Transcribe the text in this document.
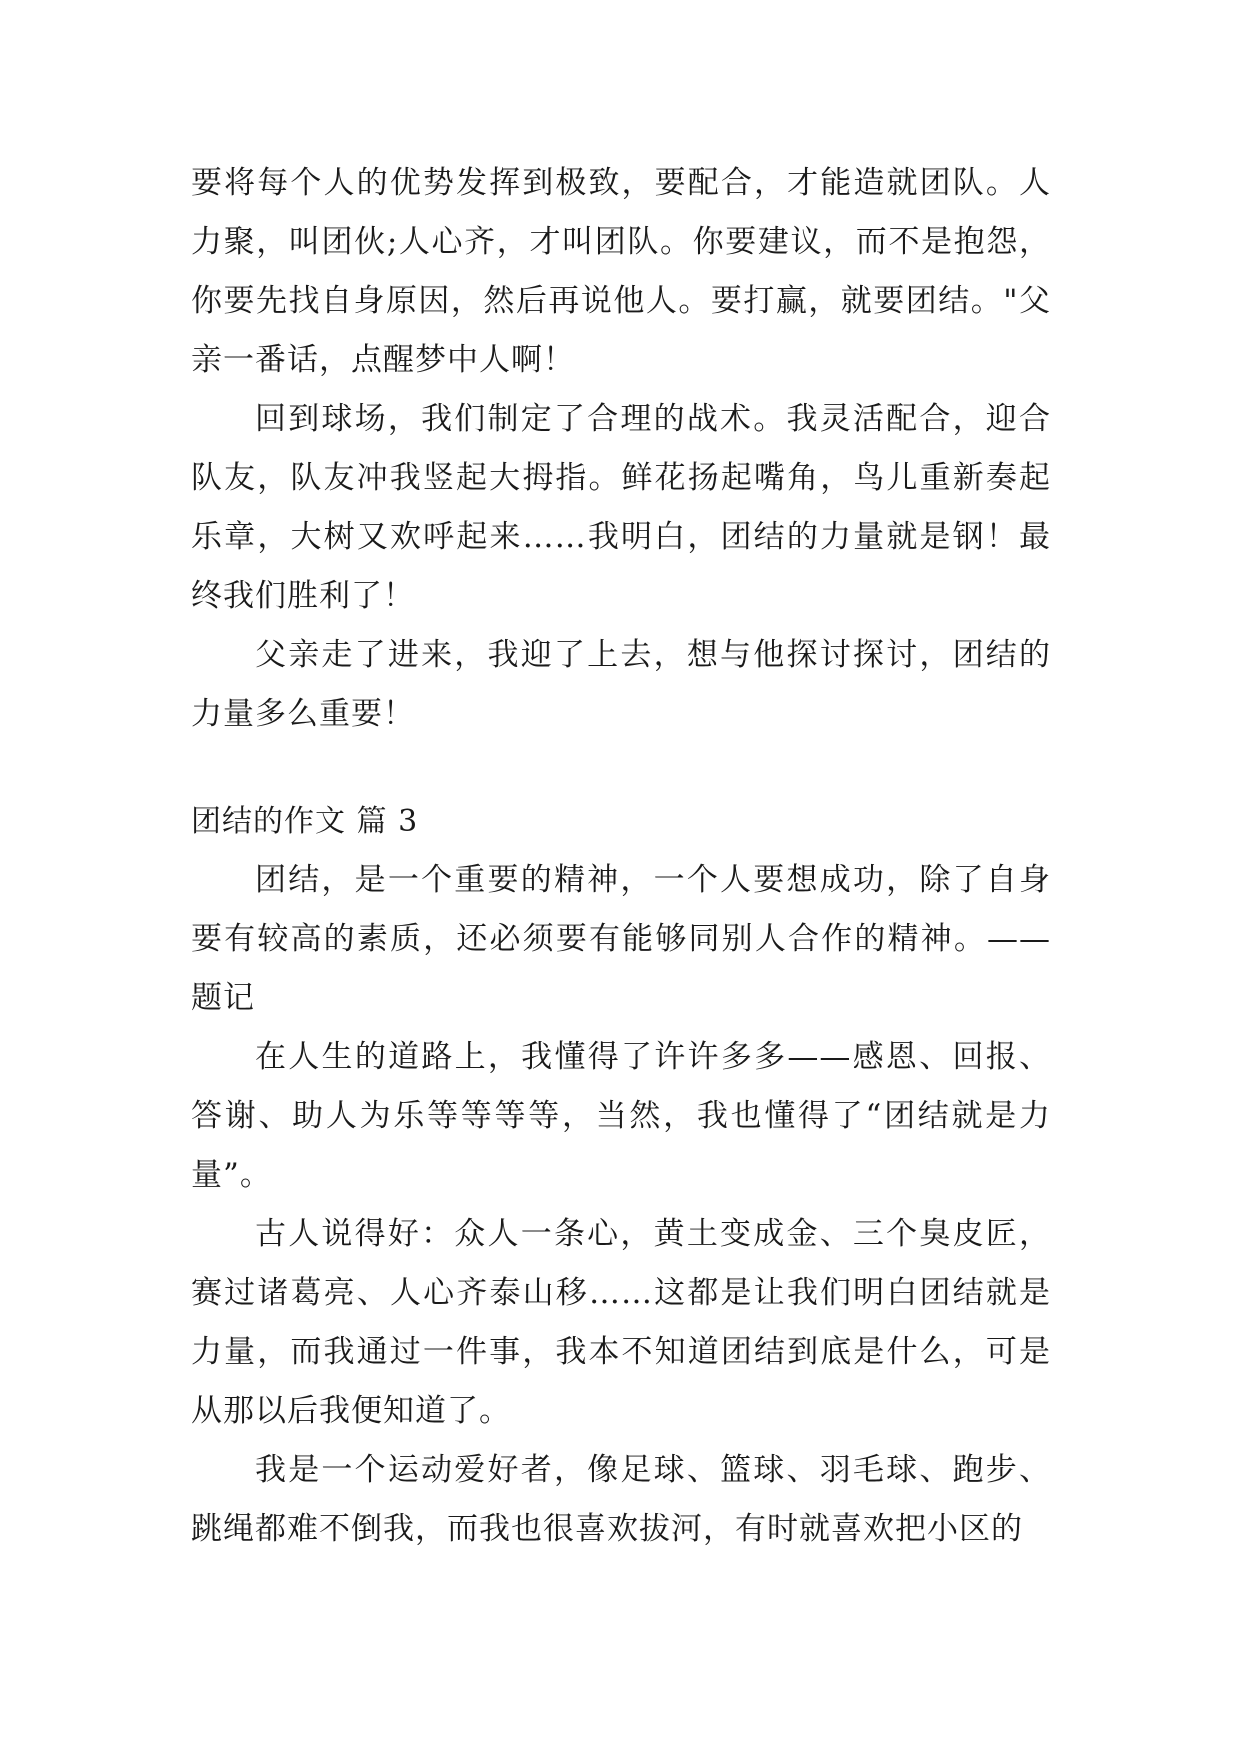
要将每个人的优势发挥到极致，要配合，才能造就团队。人力聚，叫团伙;人心齐，才叫团队。你要建议，而不是抱怨，你要先找自身原因，然后再说他人。要打赢，就要团结。"父亲一番话，点醒梦中人啊！

回到球场，我们制定了合理的战术。我灵活配合，迎合队友，队友冲我竖起大拇指。鲜花扬起嘴角，鸟儿重新奏起乐章，大树又欢呼起来……我明白，团结的力量就是钢！最终我们胜利了！

父亲走了进来，我迎了上去，想与他探讨探讨，团结的力量多么重要！

团结的作文 篇 3

团结，是一个重要的精神，一个人要想成功，除了自身要有较高的素质，还必须要有能够同别人合作的精神。——题记

在人生的道路上，我懂得了许许多多——感恩、回报、答谢、助人为乐等等等等，当然，我也懂得了“团结就是力量”。

古人说得好：众人一条心，黄土变成金、三个臭皮匠，赛过诸葛亮、人心齐泰山移……这都是让我们明白团结就是力量，而我通过一件事，我本不知道团结到底是什么，可是从那以后我便知道了。

我是一个运动爱好者，像足球、篮球、羽毛球、跑步、跳绳都难不倒我，而我也很喜欢拔河，有时就喜欢把小区的
